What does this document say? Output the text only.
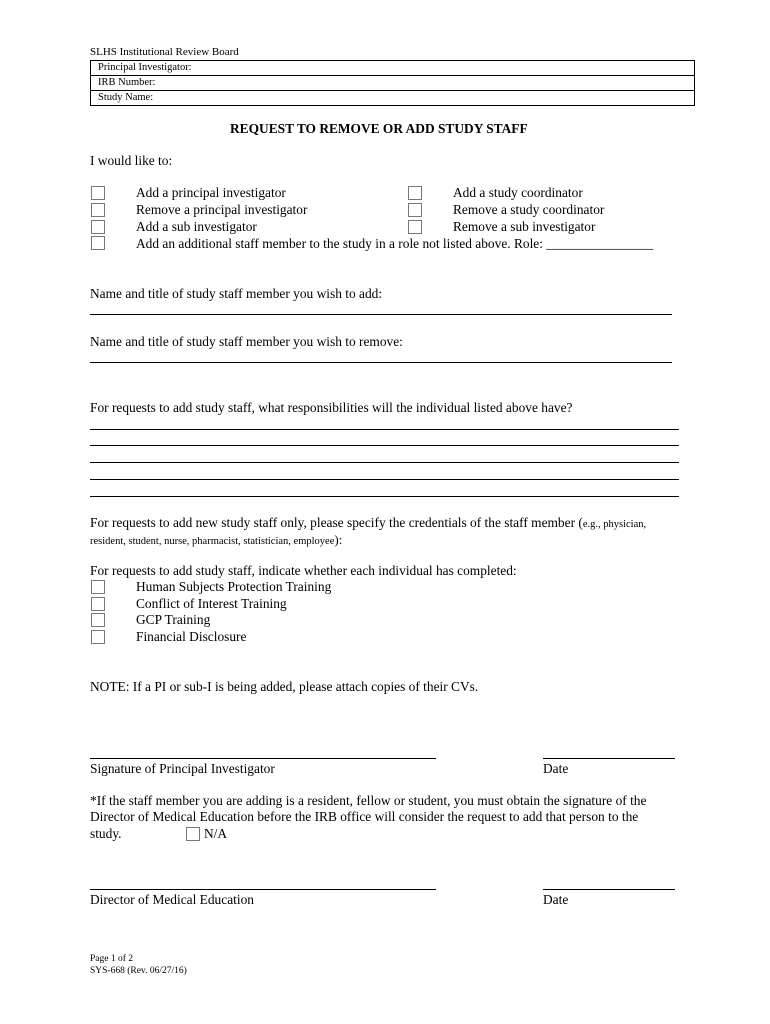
SLHS Institutional Review Board
Principal Investigator:
IRB Number:
Study Name:
REQUEST TO REMOVE OR ADD STUDY STAFF
I would like to:
Add a principal investigator
Remove a principal investigator
Add a sub investigator
Add an additional staff member to the study in a role not listed above. Role: ________________
Add a study coordinator
Remove a study coordinator
Remove a sub investigator
Name and title of study staff member you wish to add:
Name and title of study staff member you wish to remove:
For requests to add study staff, what responsibilities will the individual listed above have?
For requests to add new study staff only, please specify the credentials of the staff member (e.g., physician,
resident, student, nurse, pharmacist, statistician, employee):
For requests to add study staff, indicate whether each individual has completed:
Human Subjects Protection Training
Conflict of Interest Training
GCP Training
Financial Disclosure
NOTE: If a PI or sub-I is being added, please attach copies of their CVs.
Signature of Principal Investigator	Date
*If the staff member you are adding is a resident, fellow or student, you must obtain the signature of the
Director of Medical Education before the IRB office will consider the request to add that person to the
study.	N/A
Director of Medical Education	Date
Page 1 of 2
SYS-668 (Rev. 06/27/16)
